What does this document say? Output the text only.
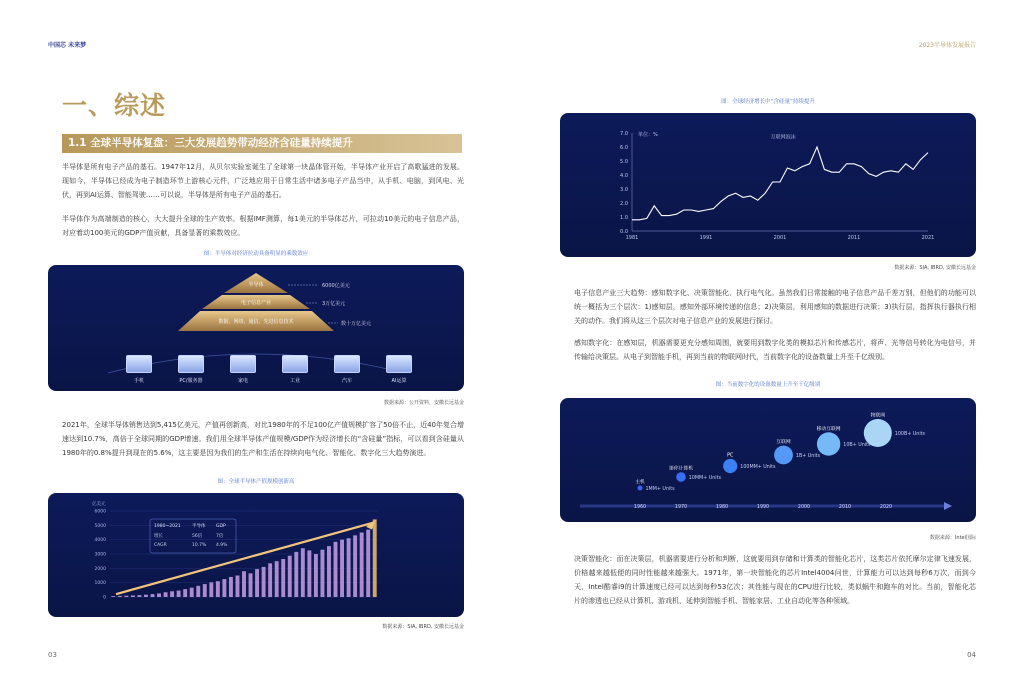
中国芯 未来梦
一、综述
1.1 全球半导体复盘：三大发展趋势带动经济含硅量持续提升
半导体是所有电子产品的基石。1947年12月，从贝尔实验室诞生了全球第一块晶体管开始，半导体产业开启了高歌猛进的发展。现如今，半导体已经成为电子制造环节上游核心元件，广泛地应用于日常生活中诸多电子产品当中，从手机、电脑，到风电、光伏，再到AI运算、智能驾驶……可以说，半导体是所有电子产品的基石。
半导体作为高端制造的核心，大大提升全球的生产效率。根据IMF测算，每1美元的半导体芯片，可拉动10美元的电子信息产品，对应着动100美元的GDP产值贡献，具备显著的乘数效应。
图：半导体对经济拉动具备明显的乘数效应
半导体
电子信息产业
数据、网络、通信、先进信息技术
6000亿美元
3万亿美元
数十万亿美元
手机	PC/服务器	家电	工业	汽车	AI运算
数据来源：公开资料，安徽长远基金
2021年，全球半导体销售达到5,415亿美元，产值再创新高，对比1980年的不足100亿产值规模扩容了50倍不止，近40年复合增速达到10.7%，高倍于全球同期的GDP增速。我们用全球半导体产值规模/GDP作为经济增长的“含硅量”指标，可以看到含硅量从1980年的0.8%提升到现在的5.6%，这主要是因为我们的生产和生活在持续向电气化、智能化、数字化三大趋势演进。
图：全球半导体产值规模创新高
亿美元
6000
5000
4000
3000
2000
1000
0
1980~2021	半导体 GDP
增长	56倍	7倍
CAGR	10.7% 4.9%
数据来源：SIA, IBRD, 安徽长远基金
03
2023半导体发展报告
图：全球经济增长中“含硅量”持续提升
7.0
6.0
5.0
4.0
3.0
2.0
1.0
0.0
1981	1991	2001	2011	2021
单位：%	互联网泡沫
数据来源：SIA, IBRD, 安徽长远基金
电子信息产业三大趋势：感知数字化、决策智能化、执行电气化。虽然我们日常接触的电子信息产品千差万别，但他们的功能可以统一概括为三个层次：1)感知层，感知外部环境传递的信息；2)决策层，利用感知的数据进行决策；3)执行层，指挥执行器执行相关的动作。我们将从这三个层次对电子信息产业的发展进行探讨。
感知数字化：在感知层，机器需要更充分感知周围，就要用到数字化类的模拟芯片和传感芯片，将声、光等信号转化为电信号，并传输给决策层。从电子到智能手机，再到当前的物联网时代，当前数字化的设备数量上升至千亿级别。
图：当前数字化的设备数量上升至千亿级别
1960	1970	1980	1990	2000	2010	2020
主机
1MM+ Units
迷你计算机
10MM+ Units
PC
100MM+ Units
互联网
1B+ Units
移动互联网
10B+ Units
物联网
100B+ Units
数据来源：Intel国际
决策智能化：而在决策层，机器需要进行分析和判断，这就要用到存储和计算类的智能化芯片，这类芯片依托摩尔定律飞速发展，价格越来越低便的同时性能越来越强大。1971年，第一块智能化的芯片Intel4004问世，计算能力可以达到每秒6万次，而到今天，Intel酷睿i9的计算速度已经可以达到每秒53亿次；其性能与现在的CPU进行比较，类似蜗牛和跑车的对比。当前，智能化芯片的渗透也已经从计算机、游戏机，延伸到智能手机、智能家居、工业自动化等各种领域。
04
